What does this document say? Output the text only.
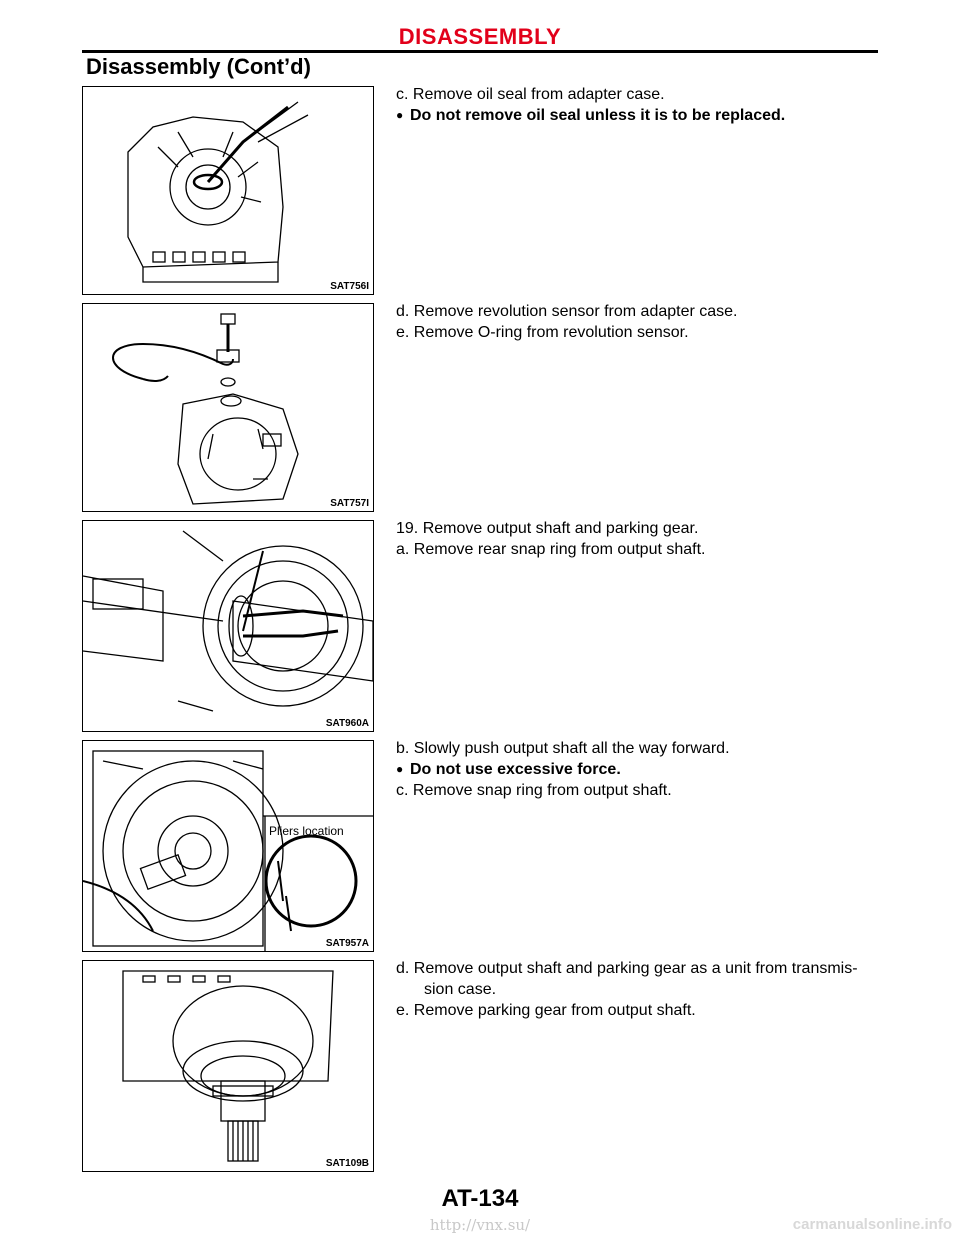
DISASSEMBLY
Disassembly (Cont’d)
SAT756I
SAT757I
SAT960A
Pliers location
SAT957A
SAT109B
c. Remove oil seal from adapter case.
● Do not remove oil seal unless it is to be replaced.
d. Remove revolution sensor from adapter case.
e. Remove O-ring from revolution sensor.
19. Remove output shaft and parking gear.
a. Remove rear snap ring from output shaft.
b. Slowly push output shaft all the way forward.
● Do not use excessive force.
c. Remove snap ring from output shaft.
d. Remove output shaft and parking gear as a unit from transmis-
sion case.
e. Remove parking gear from output shaft.
AT-134
http://vnx.su/	carmanualsonline.info
